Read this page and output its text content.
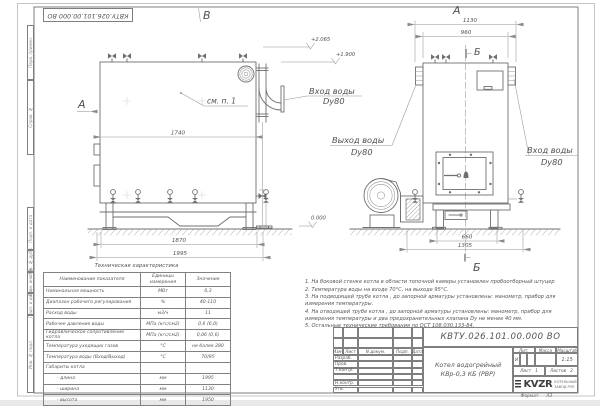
А
В
см. п. 1
1740
1870
1995
+2.065
+1.900
0.000
Вход воды
Dy80
Выход воды
Dy80	Вход воды
Dy80
А
1130
960
Б
660
1305
Б
КВТУ.026.101.00.000 ВО
Перв. примен.
Справ. №
Подп. и дата
Инв. № дубл.
Взам. инв. №
Подп. и дата
Инв. № подл.
Техническая характеристика
Наименование показателя	Единицы измерения	Значение
Номинальная мощность	МВт	0,3
Диапазон рабочего регулирования	%	40-110
Расход воды	м3/ч	11
Рабочее давление воды	МПа (кгс/см2)	0,6 (6,0)
Гидравлическое сопротивление котла	МПа (кгс/см2)	0,06 (0,6)
Температура уходящих газов	°С	не более 280
Температура воды (Вход/Выход)	°С	70/95
Габариты котла		
- длина	мм	1995
- ширина	мм	1130
- высота	мм	1950

1. На боковой стенке котла в области топочной камеры установлен пробоотборный штуцер

2. Температура воды на входе 70°С, на выходе 95°С.

3. На подводящей трубе котла , до запорной арматуры установлены: манометр, прибор для измерения температуры.

4. На отводящей трубе котла , до запорной арматуры установлены: манометр, прибор для измерения температуры и два предохранительных клапана Dу не менее 40 мм.

5. Остальные технические требования по ОСТ 108.030.133-84.

Изм. Лист	N докум.	Подп. Дата
Разраб.
Пров.
Т.контр.
Н.контр.
Утв.
КВТУ.026.101.00.000 ВО
Котел водогрейный
КВр-0,3 КБ (РВР)
Лит.	Масса	Масштаб
И	1:15
Лист 1	Листов 2
KVZR КОТЕЛЬНЫЙ
ЗАВОД РЭП
Формат А3
